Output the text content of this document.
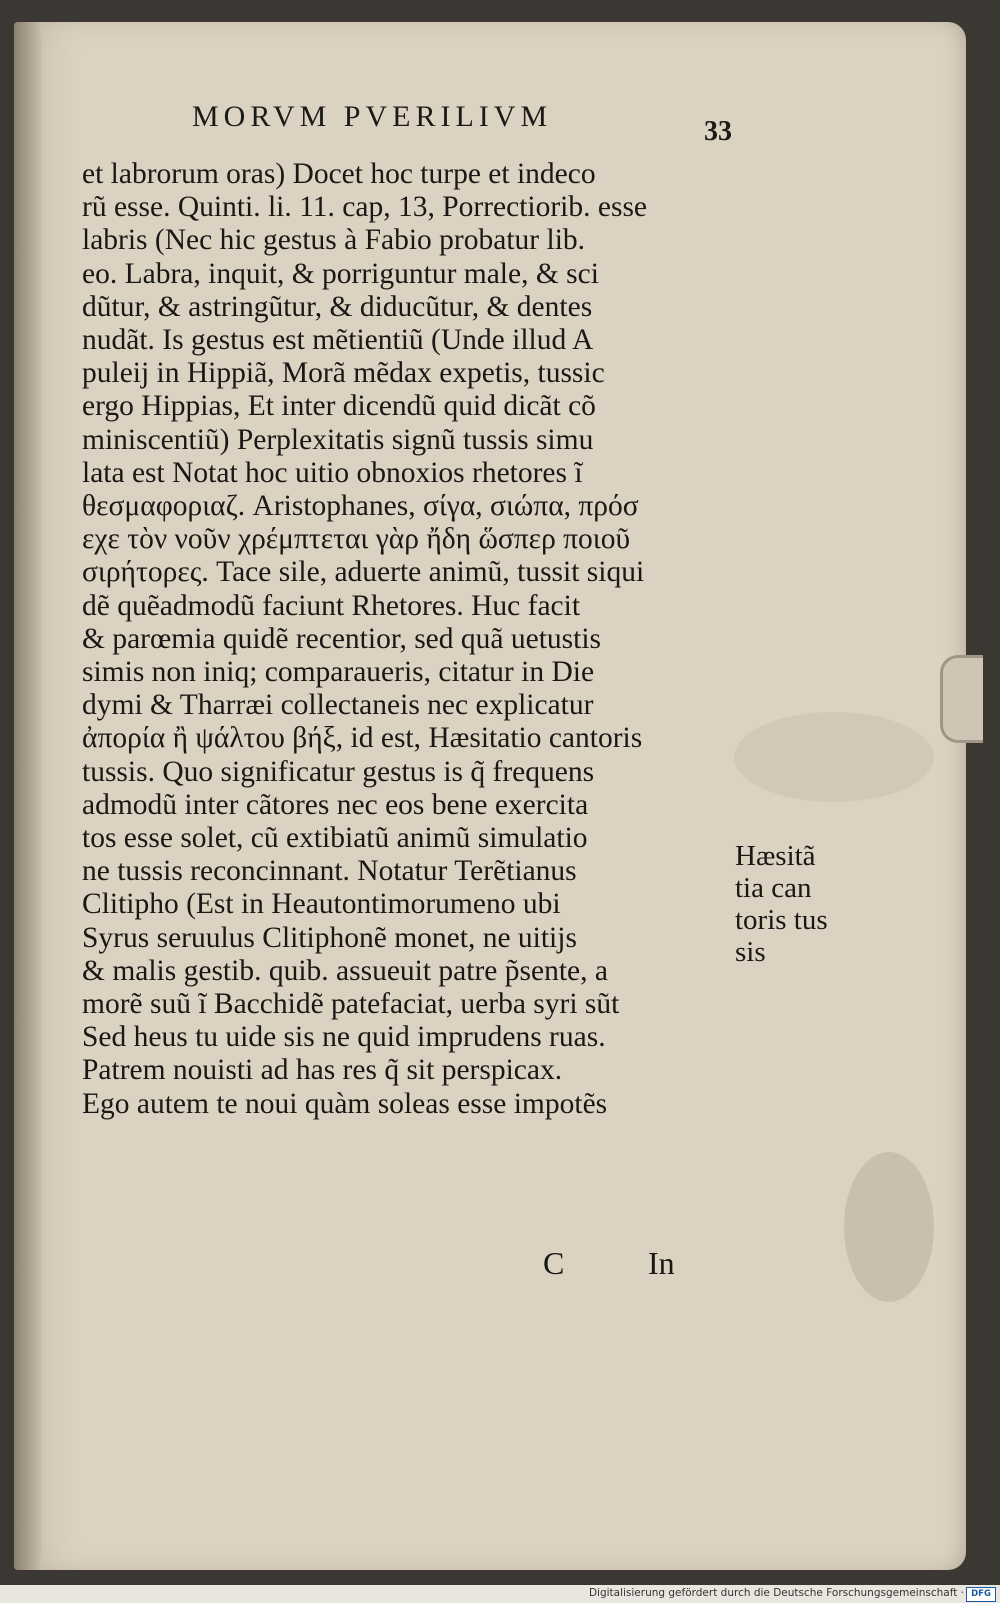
MORVM PVERILIVM	33
et labrorum oras) Docet hoc turpe et indeco
rũ esse. Quinti. li. 11. cap, 13, Porrectiorib. esse
labris (Nec hic gestus à Fabio probatur lib.
eo. Labra, inquit, & porriguntur male, & sci
dũtur, & astringũtur, & diducũtur, & dentes
nudãt. Is gestus est mẽtientiũ (Unde illud A
puleij in Hippiã, Morã mẽdax expetis, tussic
ergo Hippias, Et inter dicendũ quid dicãt cõ
miniscentiũ) Perplexitatis signũ tussis simu
lata est Notat hoc uitio obnoxios rhetores ĩ
θεσμαφοριαζ. Aristophanes, σίγα, σιώπα, πρόσ
εχε τὸν νοῦν χρέμπτεται γὰρ ἤδη ὥσπερ ποιοῦ
σιρήτορες. Tace sile, aduerte animũ, tussit siqui
dẽ quẽadmodũ faciunt Rhetores. Huc facit
& parœmia quidẽ recentior, sed quã uetustis
simis non iniq; comparaueris, citatur in Die
dymi & Tharræi collectaneis nec explicatur
ἀπορία ἢ ψάλτου βήξ, id est, Hæsitatio cantoris
tussis. Quo significatur gestus is q̃ frequens
admodũ inter cãtores nec eos bene exercita
tos esse solet, cũ extibiatũ animũ simulatio
ne tussis reconcinnant. Notatur Terẽtianus
Clitipho (Est in Heautontimorumeno ubi
Syrus seruulus Clitiphonẽ monet, ne uitijs
& malis gestib. quib. assueuit patre p̃sente, a
morẽ suũ ĩ Bacchidẽ patefaciat, uerba syri sũt
Sed heus tu uide sis ne quid imprudens ruas.
Patrem nouisti ad has res q̃ sit perspicax.
Ego autem te noui quàm soleas esse impotẽs
Hæsitã
tia can
toris tus
sis
C	In
Digitalisierung gefördert durch die Deutsche Forschungsgemeinschaft · DFG
